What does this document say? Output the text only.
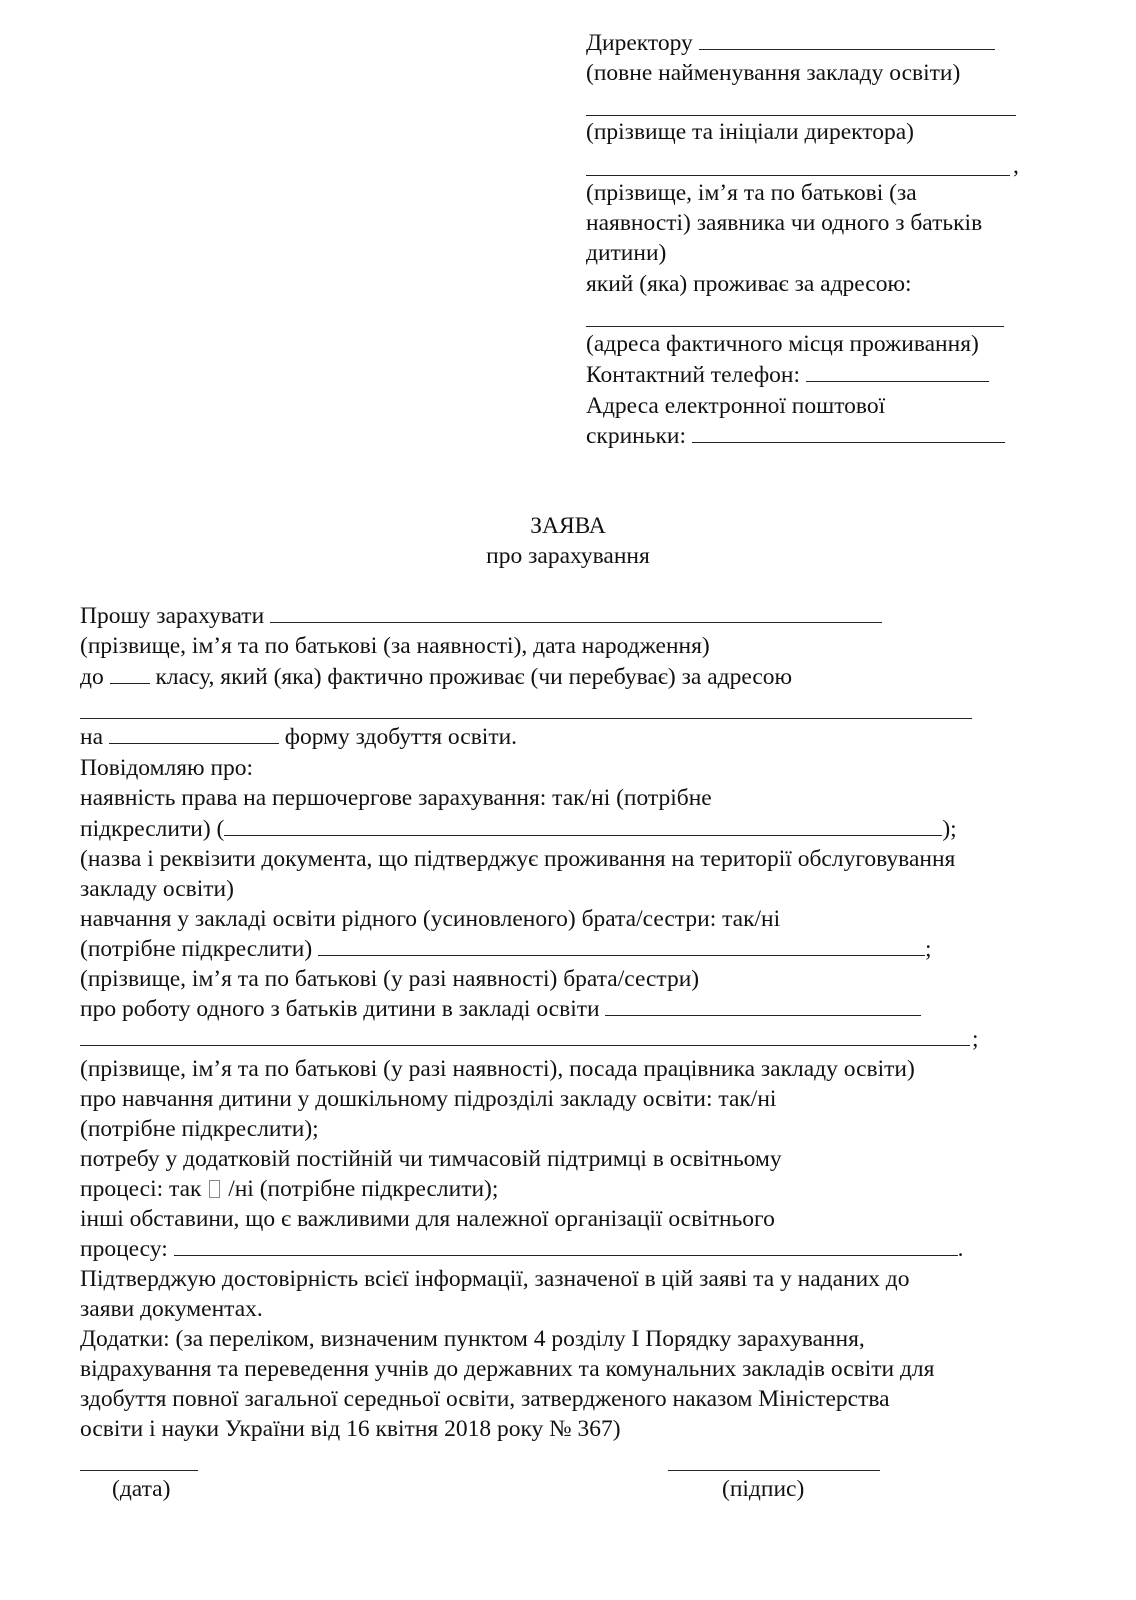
Директору
(повне найменування закладу освіти)
(прізвище та ініціали директора)
,
(прізвище, ім’я та по батькові (за
наявності) заявника чи одного з батьків
дитини)
який (яка) проживає за адресою:
(адреса фактичного місця проживання)
Контактний телефон:
Адреса електронної поштової
скриньки:
ЗАЯВА
про зарахування
Прошу зарахувати
(прізвище, ім’я та по батькові (за наявності), дата народження)
до класу, який (яка) фактично проживає (чи перебуває) за адресою
на	форму здобуття освіти.
Повідомляю про:
наявність права на першочергове зарахування: так/ні (потрібне
підкреслити) (	);
(назва і реквізити документа, що підтверджує проживання на території обслуговування
закладу освіти)
навчання у закладі освіти рідного (усиновленого) брата/сестри: так/ні
(потрібне підкреслити)	;
(прізвище, ім’я та по батькові (у разі наявності) брата/сестри)
про роботу одного з батьків дитини в закладі освіти
;
(прізвище, ім’я та по батькові (у разі наявності), посада працівника закладу освіти)
про навчання дитини у дошкільному підрозділі закладу освіти: так/ні
(потрібне підкреслити);
потребу у додатковій постійній чи тимчасовій підтримці в освітньому
процесі: так /ні (потрібне підкреслити);
інші обставини, що є важливими для належної організації освітнього
процесу:	.
Підтверджую достовірність всієї інформації, зазначеної в цій заяві та у наданих до
заяви документах.
Додатки: (за переліком, визначеним пунктом 4 розділу І Порядку зарахування,
відрахування та переведення учнів до державних та комунальних закладів освіти для
здобуття повної загальної середньої освіти, затвердженого наказом Міністерства
освіти і науки України від 16 квітня 2018 року № 367)
(дата)	(підпис)
